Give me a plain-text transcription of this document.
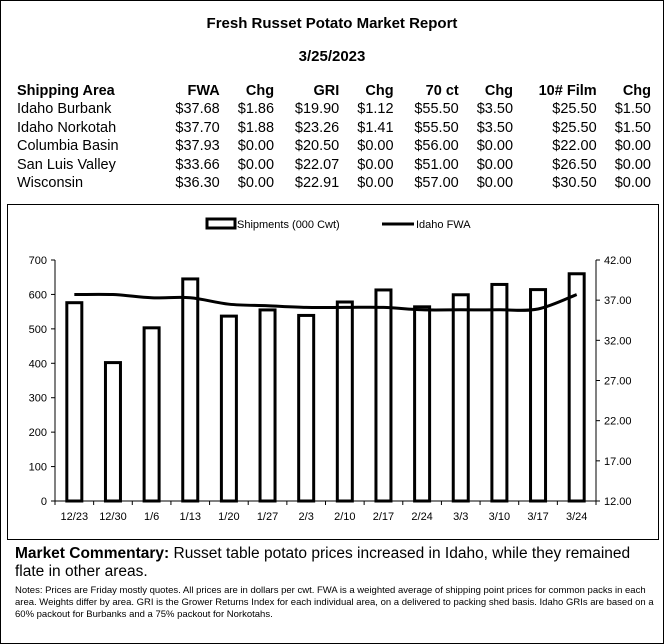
Fresh Russet Potato Market Report
3/25/2023
Shipping Area	FWA	Chg	GRI	Chg	70 ct	Chg	10# Film	Chg
Idaho Burbank	$37.68	$1.86	$19.90	$1.12	$55.50	$3.50	$25.50	$1.50
Idaho Norkotah	$37.70	$1.88	$23.26	$1.41	$55.50	$3.50	$25.50	$1.50
Columbia Basin	$37.93	$0.00	$20.50	$0.00	$56.00	$0.00	$22.00	$0.00
San Luis Valley	$33.66	$0.00	$22.07	$0.00	$51.00	$0.00	$26.50	$0.00
Wisconsin	$36.30	$0.00	$22.91	$0.00	$57.00	$0.00	$30.50	$0.00
0
100
200
300
400
500
600
700
12.00
17.00
22.00
27.00
32.00
37.00
42.00
12/23 12/30 1/6 1/13 1/20 1/27 2/3 2/10 2/17 2/24 3/3 3/10 3/17 3/24
Shipments (000 Cwt)	Idaho FWA
Market Commentary: Russet table potato prices increased in Idaho, while they remained flate in other areas.
Notes: Prices are Friday mostly quotes. All prices are in dollars per cwt. FWA is a weighted average of shipping point prices for common packs in each area. Weights differ by area. GRI is the Grower Returns Index for each individual area, on a delivered to packing shed basis. Idaho GRIs are based on a 60% packout for Burbanks and a 75% packout for Norkotahs.
